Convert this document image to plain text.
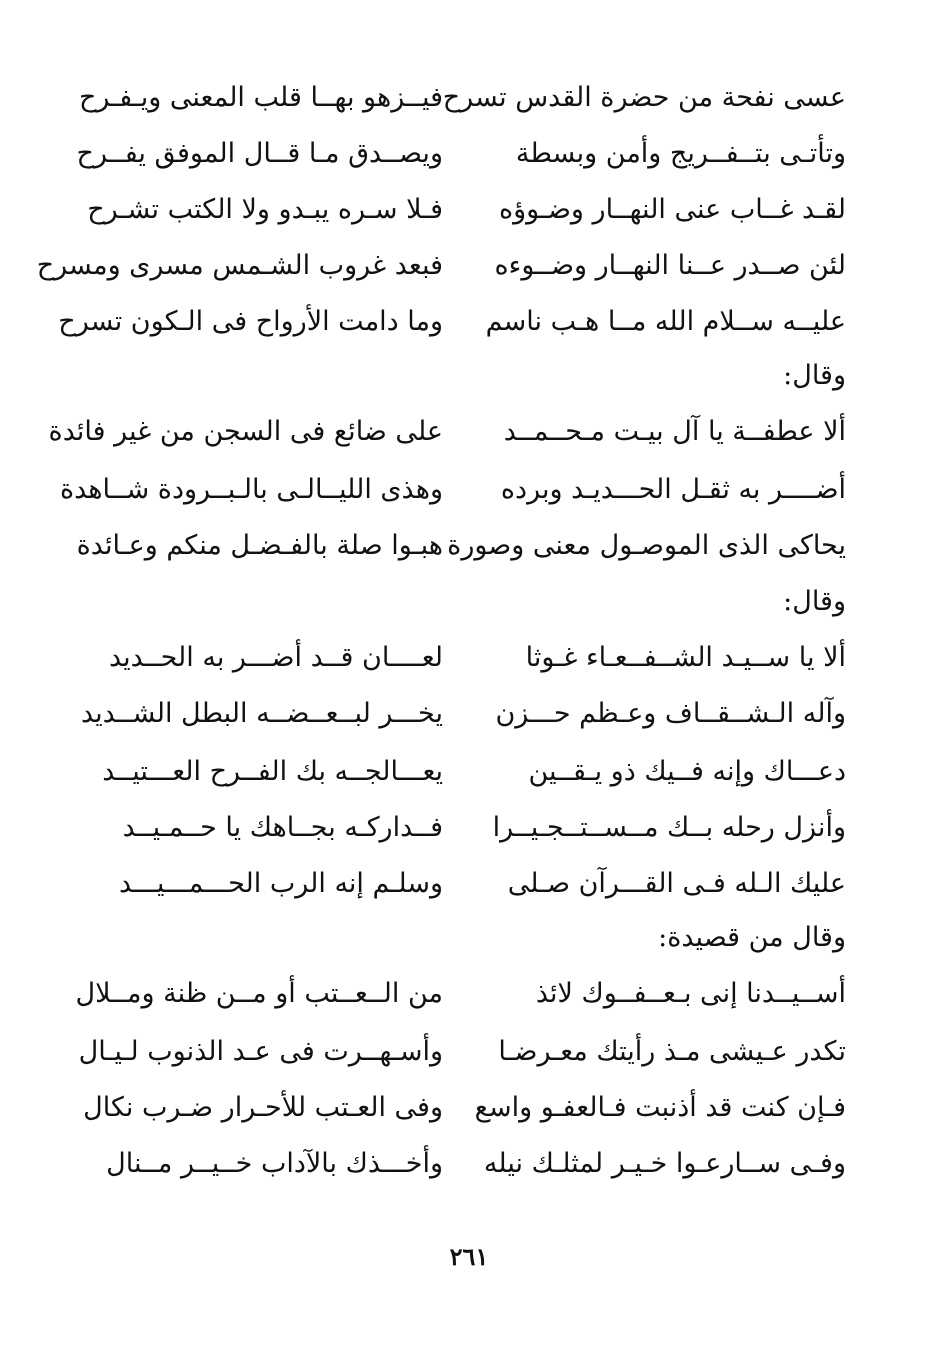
عسى نفحة من حضرة القدس تسرح
فيــزهو بهــا قلب المعنى ويـفـرح
وتأتـى بتــفــريج وأمن وبسطة
ويصــدق مـا قــال الموفق يفــرح
لقـد غــاب عنى النهــار وضـوؤه
فـلا سـره يبـدو ولا الكتب تشـرح
لئن صــدر عــنا النهــار وضــوءه
فبعد غروب الشـمس مسرى ومسرح
عليــه ســلام الله مــا هـب ناسم
وما دامت الأرواح فى الـكون تسرح
وقال:
ألا عطفــة يا آل بيـت مـحــمــد
على ضائع فى السجن من غير فائدة
أضــــر به ثقـل الحـــديـد وبرده
وهذى الليــالـى بالـبــرودة شــاهدة
يحاكى الذى الموصـول معنى وصورة
هبـوا صلة بالفـضـل منكم وعـائدة
وقال:
ألا يا ســيـد الشــفــعـاء غـوثا
لعــــان قــد أضـــر به الحــديد
وآله الـشــقــاف وعـظم حـــزن
يخـــر لبــعــضــه البطل الشــديد
دعـــاك وإنه فــيك ذو يـقــين
يعـــالجــه بك الفــرح العـــتيــد
وأنزل رحله بــك مــســتــجـيــرا
فــداركـه بجــاهك يا حــمـيــد
عليك الـله فـى القـــرآن صـلى
وسلـم إنه الرب الحـــمـــيـــد
وقال من قصيدة:
أســيــدنا إنى بـعــفــوك لائذ
من الــعــتب أو مــن ظنة ومــلال
تكدر عـيشى مـذ رأيتك معـرضـا
وأسـهــرت فى عـد الذنوب لـيـال
فـإن كنت قد أذنبت فـالعفـو واسع
وفى العـتب للأحـرار ضـرب نكال
وفـى ســارعـوا خـيـر لمثلـك نيله
وأخـــذك بالآداب خــيــر مــنال
٢٦١
